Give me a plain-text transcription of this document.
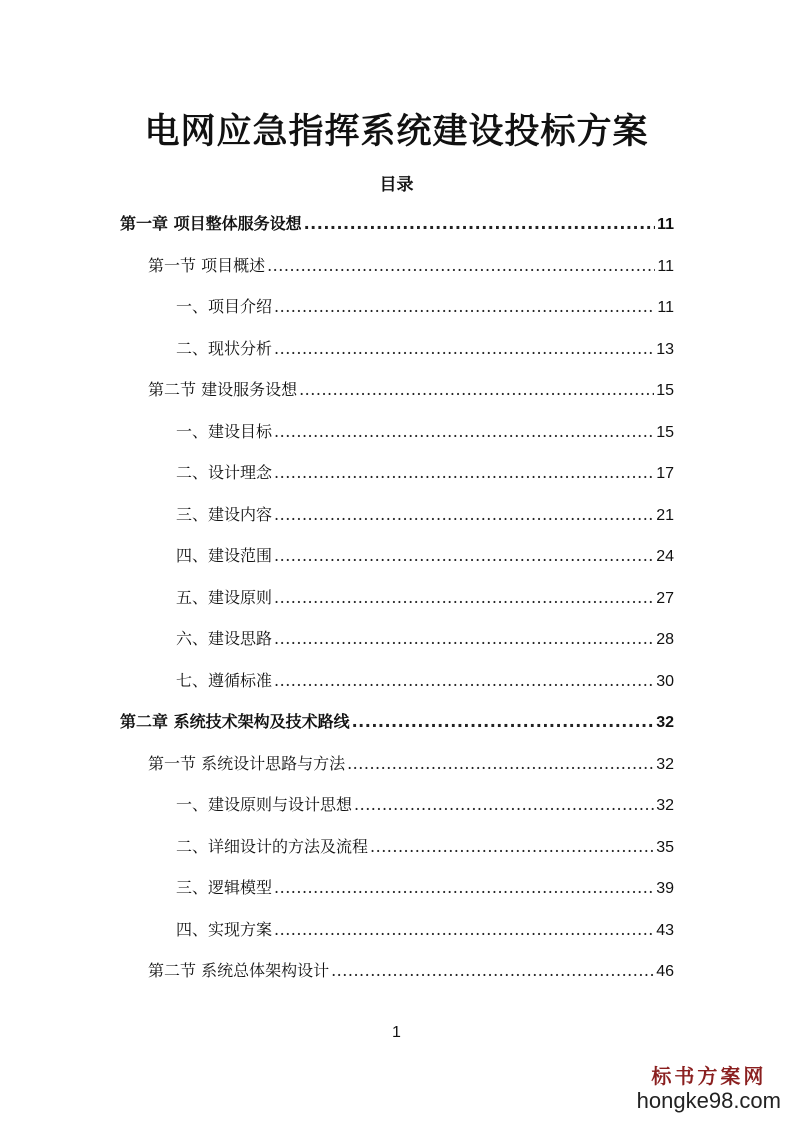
电网应急指挥系统建设投标方案
目录
第一章 项目整体服务设想 .....	11
第一节 项目概述 .....	11
一、项目介绍 .....	11
二、现状分析 .....	13
第二节 建设服务设想 .....	15
一、建设目标 .....	15
二、设计理念 .....	17
三、建设内容 .....	21
四、建设范围 .....	24
五、建设原则 .....	27
六、建设思路 .....	28
七、遵循标准 .....	30
第二章 系统技术架构及技术路线 .....	32
第一节 系统设计思路与方法 .....	32
一、建设原则与设计思想 .....	32
二、详细设计的方法及流程 .....	35
三、逻辑模型 .....	39
四、实现方案 .....	43
第二节 系统总体架构设计 .....	46
1
标书方案网
hongke98.com
